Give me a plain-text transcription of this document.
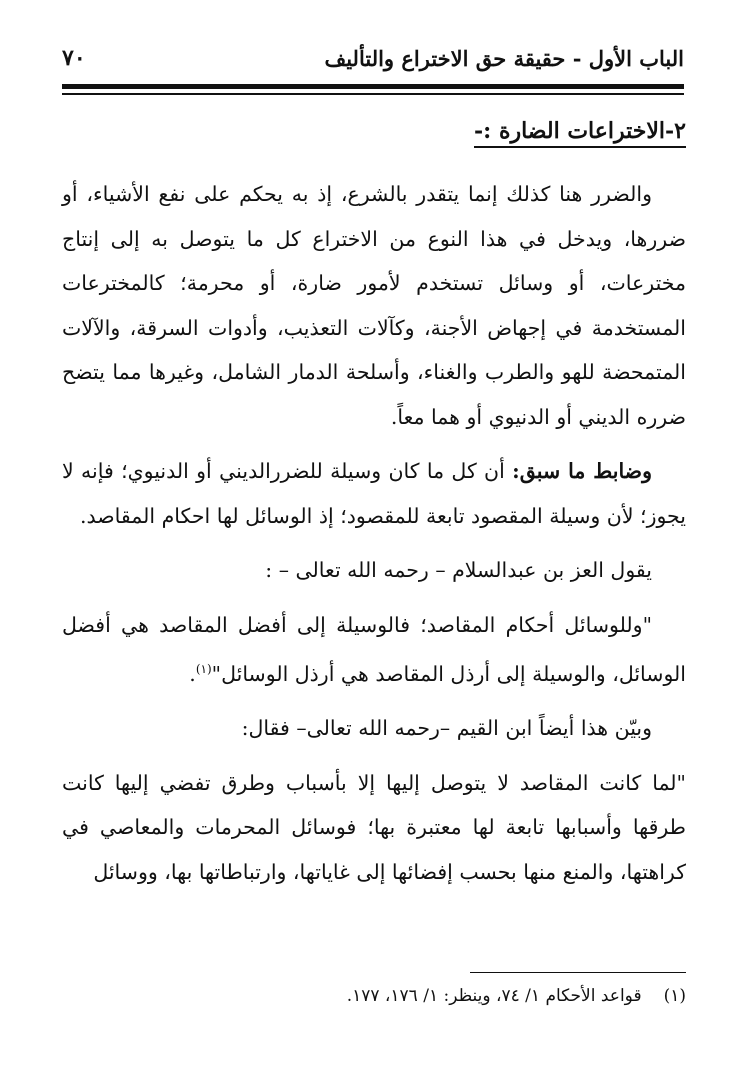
الباب الأول - حقيقة حق الاختراع والتأليف
٧٠
٢-الاختراعات الضارة :-

والضرر هنا كذلك إنما يتقدر بالشرع، إذ به يحكم على نفع الأشياء، أو ضررها، ويدخل في هذا النوع من الاختراع كل ما يتوصل به إلى إنتاج مخترعات، أو وسائل تستخدم لأمور ضارة، أو محرمة؛ كالمخترعات المستخدمة في إجهاض الأجنة، وكآلات التعذيب، وأدوات السرقة، والآلات المتمحضة للهو والطرب والغناء، وأسلحة الدمار الشامل، وغيرها مما يتضح ضرره الديني أو الدنيوي أو هما معاً.

وضابط ما سبق: أن كل ما كان وسيلة للضررالديني أو الدنيوي؛ فإنه لا يجوز؛ لأن وسيلة المقصود تابعة للمقصود؛ إذ الوسائل لها احكام المقاصد.

يقول العز بن عبدالسلام – رحمه الله تعالى – :

"وللوسائل أحكام المقاصد؛ فالوسيلة إلى أفضل المقاصد هي أفضل الوسائل، والوسيلة إلى أرذل المقاصد هي أرذل الوسائل"$^{(١)}$.

وبيّن هذا أيضاً ابن القيم –رحمه الله تعالى– فقال:

"لما كانت المقاصد لا يتوصل إليها إلا بأسباب وطرق تفضي إليها كانت طرقها وأسبابها تابعة لها معتبرة بها؛ فوسائل المحرمات والمعاصي في كراهتها، والمنع منها بحسب إفضائها إلى غاياتها، وارتباطاتها بها، ووسائل

(١)قواعد الأحكام ١/ ٧٤، وينظر: ١/ ١٧٦، ١٧٧.
